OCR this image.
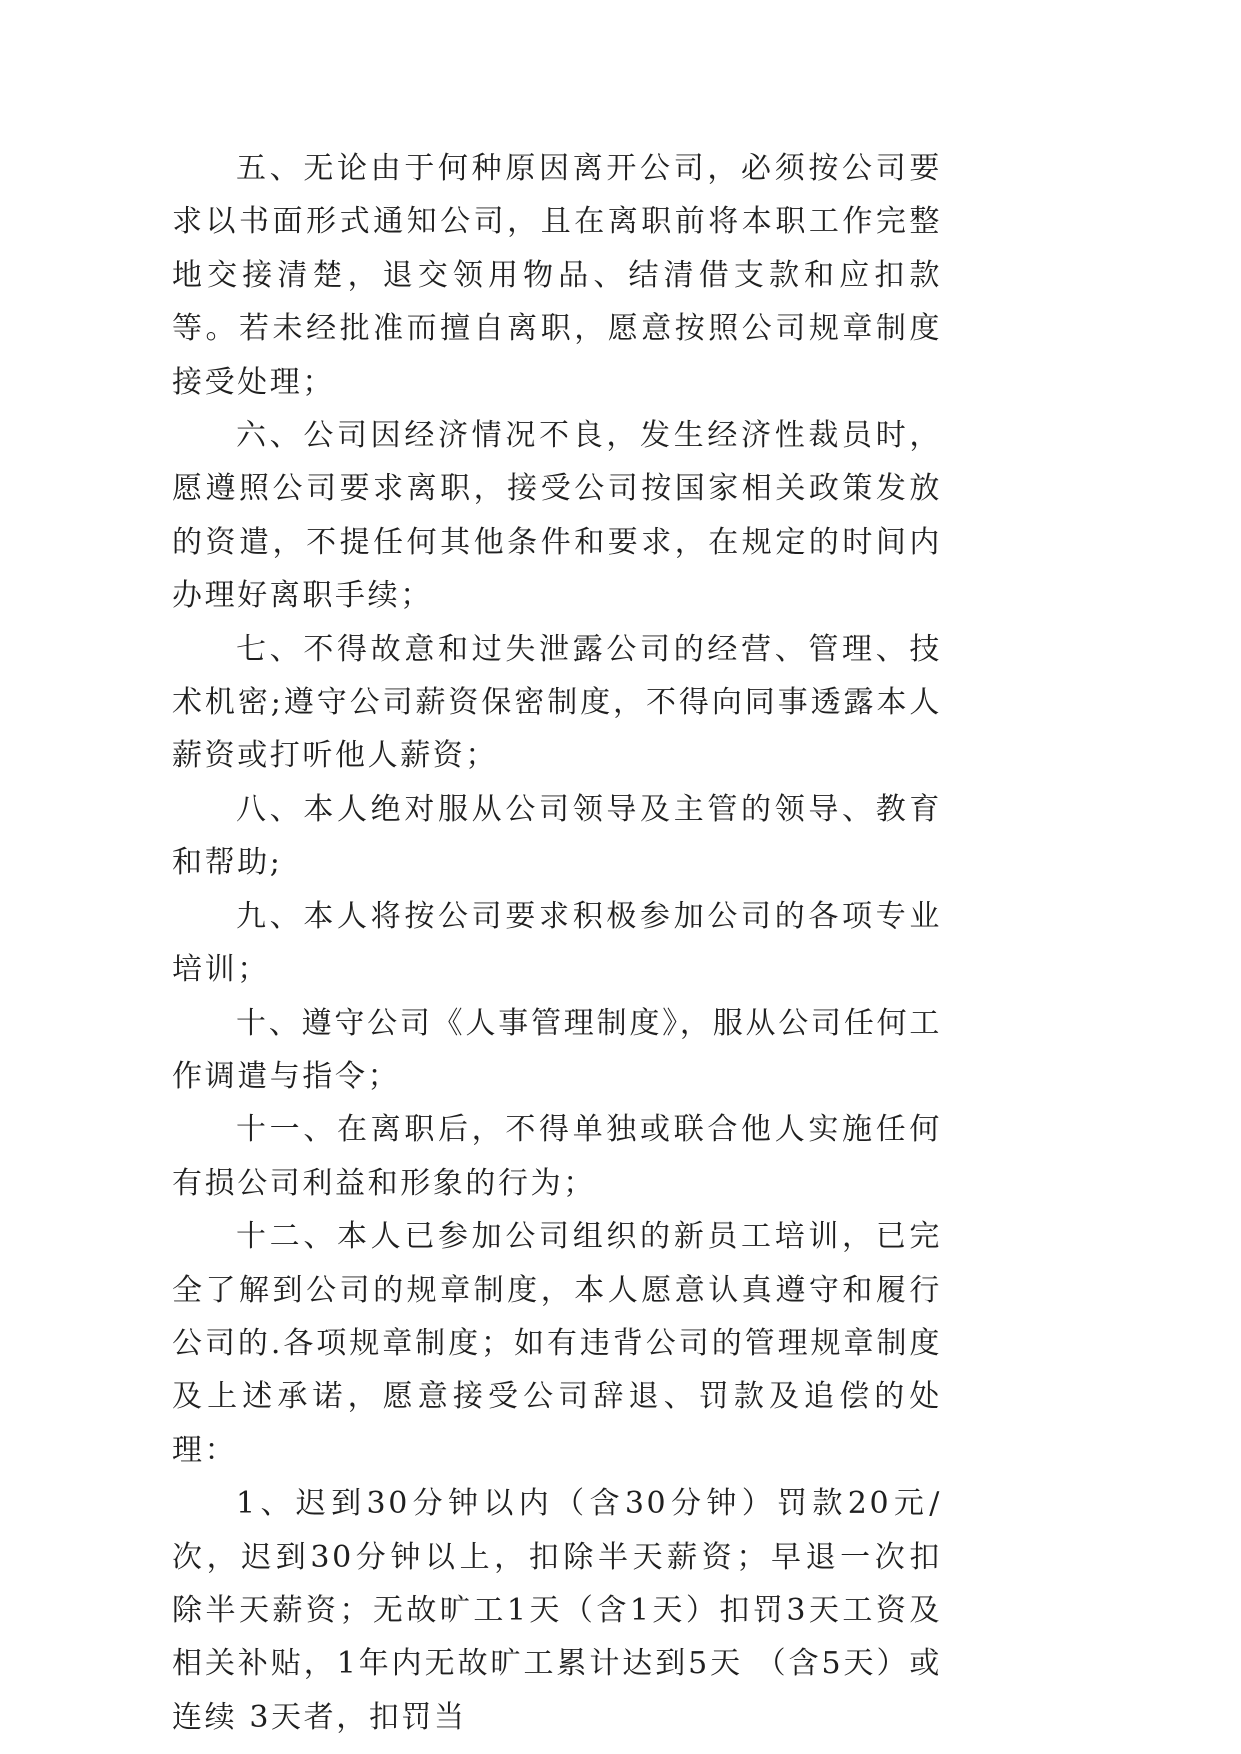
五、无论由于何种原因离开公司，必须按公司要求以书面形式通知公司，且在离职前将本职工作完整地交接清楚，退交领用物品、结清借支款和应扣款等。若未经批准而擅自离职，愿意按照公司规章制度接受处理；

六、公司因经济情况不良，发生经济性裁员时，愿遵照公司要求离职，接受公司按国家相关政策发放的资遣，不提任何其他条件和要求，在规定的时间内办理好离职手续；

七、不得故意和过失泄露公司的经营、管理、技术机密;遵守公司薪资保密制度，不得向同事透露本人薪资或打听他人薪资；

八、本人绝对服从公司领导及主管的领导、教育和帮助;

九、本人将按公司要求积极参加公司的各项专业培训；

十、遵守公司《人事管理制度》，服从公司任何工作调遣与指令；

十一、在离职后，不得单独或联合他人实施任何有损公司利益和形象的行为；

十二、本人已参加公司组织的新员工培训，已完全了解到公司的规章制度，本人愿意认真遵守和履行公司的.各项规章制度；如有违背公司的管理规章制度及上述承诺，愿意接受公司辞退、罚款及追偿的处理：

1、迟到30分钟以内（含30分钟）罚款20元/次，迟到30分钟以上，扣除半天薪资；早退一次扣 除半天薪资；无故旷工1天（含1天）扣罚3天工资及相关补贴，1年内无故旷工累计达到5天 （含5天）或连续 3天者，扣罚当
